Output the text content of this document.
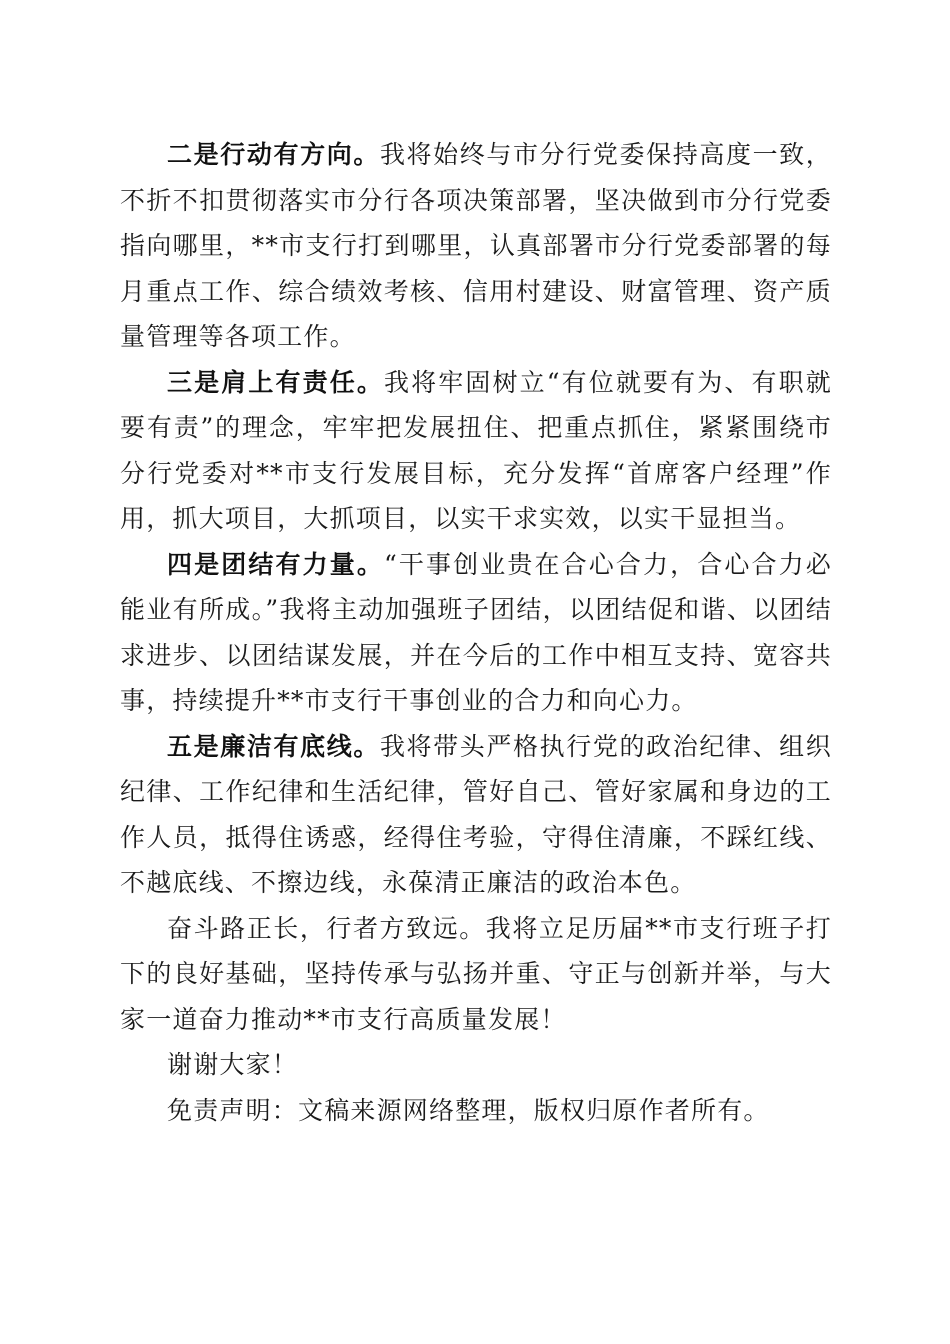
二是行动有方向。我将始终与市分行党委保持高度一致，不折不扣贯彻落实市分行各项决策部署，坚决做到市分行党委指向哪里，**市支行打到哪里，认真部署市分行党委部署的每月重点工作、综合绩效考核、信用村建设、财富管理、资产质量管理等各项工作。

三是肩上有责任。我将牢固树立“有位就要有为、有职就要有责”的理念，牢牢把发展扭住、把重点抓住，紧紧围绕市分行党委对**市支行发展目标，充分发挥“首席客户经理”作用，抓大项目，大抓项目，以实干求实效，以实干显担当。

四是团结有力量。“干事创业贵在合心合力，合心合力必能业有所成。”我将主动加强班子团结，以团结促和谐、以团结求进步、以团结谋发展，并在今后的工作中相互支持、宽容共事，持续提升**市支行干事创业的合力和向心力。

五是廉洁有底线。我将带头严格执行党的政治纪律、组织纪律、工作纪律和生活纪律，管好自己、管好家属和身边的工作人员，抵得住诱惑，经得住考验，守得住清廉，不踩红线、不越底线、不擦边线，永葆清正廉洁的政治本色。

奋斗路正长，行者方致远。我将立足历届**市支行班子打下的良好基础，坚持传承与弘扬并重、守正与创新并举，与大家一道奋力推动**市支行高质量发展！

谢谢大家！

免责声明：文稿来源网络整理，版权归原作者所有。
